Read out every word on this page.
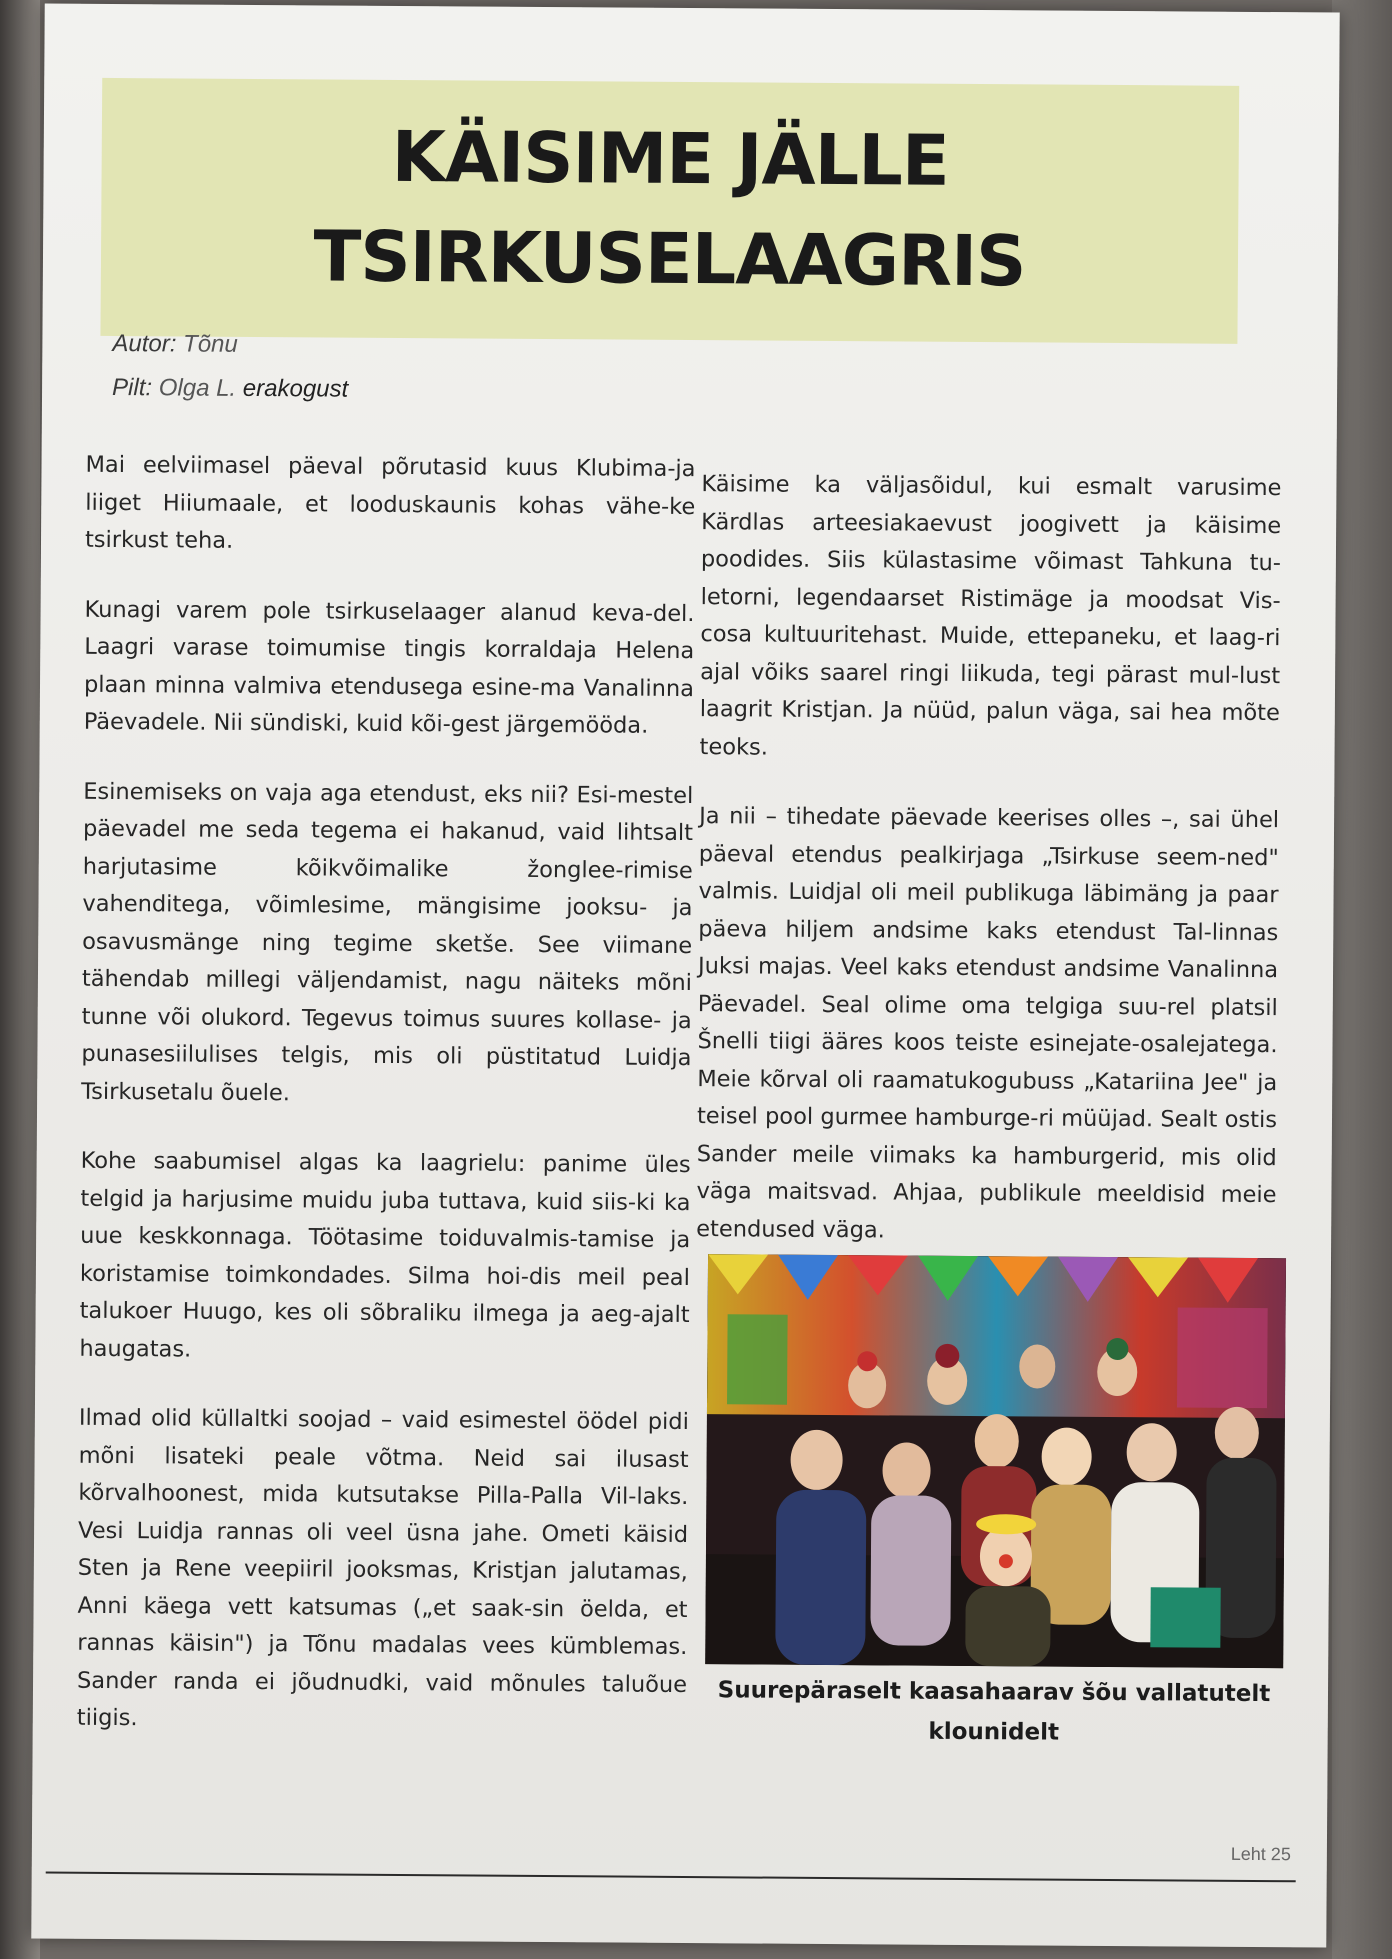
KÄISIME JÄLLE
TSIRKUSELAAGRIS
Autor: Tõnu
Pilt: Olga L. erakogust

Mai eelviimasel päeval põrutasid kuus Klubima-ja liiget Hiiumaale, et looduskaunis kohas vähe-ke tsirkust teha.

Kunagi varem pole tsirkuselaager alanud keva-del. Laagri varase toimumise tingis korraldaja Helena plaan minna valmiva etendusega esine-ma Vanalinna Päevadele. Nii sündiski, kuid kõi-gest järgemööda.

Esinemiseks on vaja aga etendust, eks nii? Esi-mestel päevadel me seda tegema ei hakanud, vaid lihtsalt harjutasime kõikvõimalike žonglee-rimise vahenditega, võimlesime, mängisime jooksu- ja osavusmänge ning tegime sketše. See viimane tähendab millegi väljendamist, nagu näiteks mõni tunne või olukord. Tegevus toimus suures kollase- ja punasesiilulises telgis, mis oli püstitatud Luidja Tsirkusetalu õuele.

Kohe saabumisel algas ka laagrielu: panime üles telgid ja harjusime muidu juba tuttava, kuid siis-ki ka uue keskkonnaga. Töötasime toiduvalmis-tamise ja koristamise toimkondades. Silma hoi-dis meil peal talukoer Huugo, kes oli sõbraliku ilmega ja aeg-ajalt haugatas.

Ilmad olid küllaltki soojad – vaid esimestel öödel pidi mõni lisateki peale võtma. Neid sai ilusast kõrvalhoonest, mida kutsutakse Pilla-Palla Vil-laks. Vesi Luidja rannas oli veel üsna jahe. Ometi käisid Sten ja Rene veepiiril jooksmas, Kristjan jalutamas, Anni käega vett katsumas („et saak-sin öelda, et rannas käisin") ja Tõnu madalas vees kümblemas. Sander randa ei jõudnudki, vaid mõnules taluõue tiigis.

Käisime ka väljasõidul, kui esmalt varusime Kärdlas arteesiakaevust joogivett ja käisime poodides. Siis külastasime võimast Tahkuna tu-letorni, legendaarset Ristimäge ja moodsat Vis-cosa kultuuritehast. Muide, ettepaneku, et laag-ri ajal võiks saarel ringi liikuda, tegi pärast mul-lust laagrit Kristjan. Ja nüüd, palun väga, sai hea mõte teoks.

Ja nii – tihedate päevade keerises olles –, sai ühel päeval etendus pealkirjaga „Tsirkuse seem-ned" valmis. Luidjal oli meil publikuga läbimäng ja paar päeva hiljem andsime kaks etendust Tal-linnas Juksi majas. Veel kaks etendust andsime Vanalinna Päevadel. Seal olime oma telgiga suu-rel platsil Šnelli tiigi ääres koos teiste esinejate-osalejatega. Meie kõrval oli raamatukogubuss „Katariina Jee" ja teisel pool gurmee hamburge-ri müüjad. Sealt ostis Sander meile viimaks ka hamburgerid, mis olid väga maitsvad. Ahjaa, publikule meeldisid meie etendused väga.

Suurepäraselt kaasahaarav šõu vallatutelt
klounidelt
Leht 25
